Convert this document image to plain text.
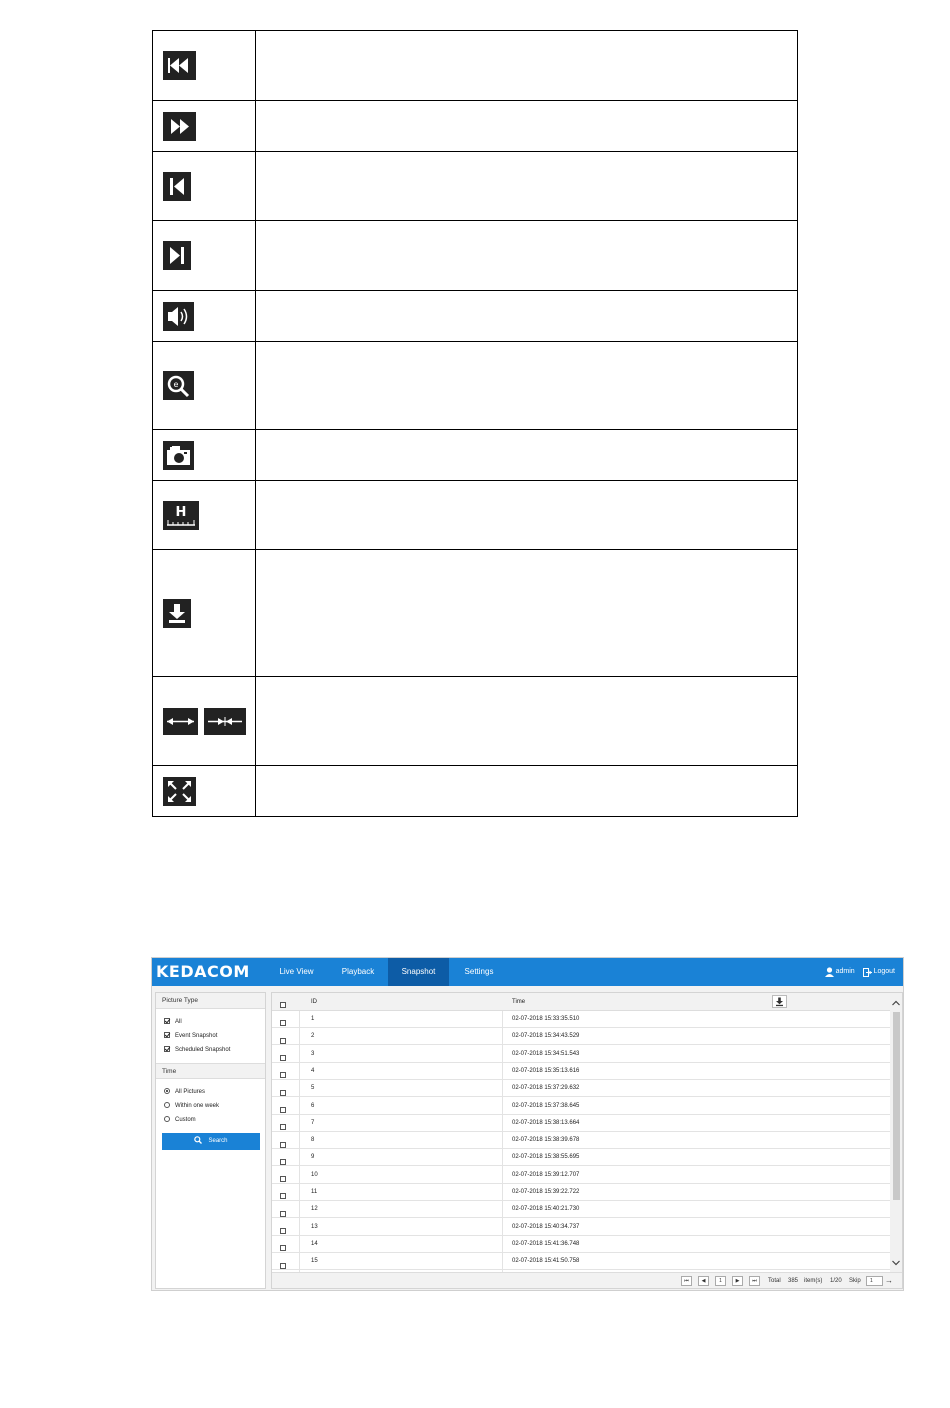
e	

H	

KEDACOM	Live View	Playback	Snapshot	Settings	admin	Logout
Picture Type
All
Event Snapshot
Scheduled Snapshot
Time
All Pictures
Within one week
Custom
Search
ID	Time
1	02-07-2018 15:33:35.510
2	02-07-2018 15:34:43.529
3	02-07-2018 15:34:51.543
4	02-07-2018 15:35:13.616
5	02-07-2018 15:37:29.632
6	02-07-2018 15:37:38.645
7	02-07-2018 15:38:13.664
8	02-07-2018 15:38:39.678
9	02-07-2018 15:38:55.695
10	02-07-2018 15:39:12.707
11	02-07-2018 15:39:22.722
12	02-07-2018 15:40:21.730
13	02-07-2018 15:40:34.737
14	02-07-2018 15:41:36.748
15	02-07-2018 15:41:50.758
⏮	◀	1	▶	⏭	Total 385 item(s) 1/20 Skip	1	→
